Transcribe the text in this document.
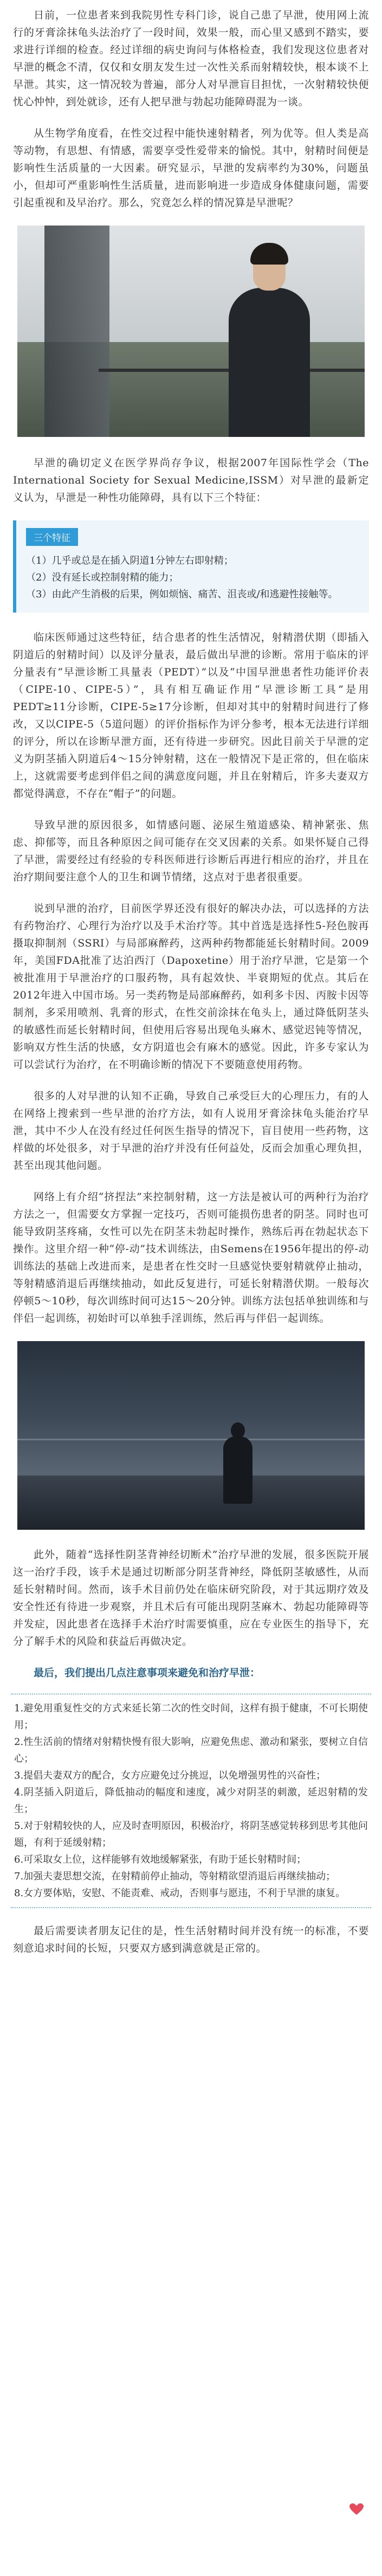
日前，一位患者来到我院男性专科门诊，说自己患了早泄，使用网上流行的牙膏涂抹龟头法治疗了一段时间，效果一般，而心里又感到不踏实，要求进行详细的检查。经过详细的病史询问与体格检查，我们发现这位患者对早泄的概念不清，仅仅和女朋友发生过一次性关系而射精较快，根本谈不上早泄。其实，这一情况较为普遍，部分人对早泄盲目担忧，一次射精较快便忧心忡忡，到处就诊，还有人把早泄与勃起功能障碍混为一谈。

从生物学角度看，在性交过程中能快速射精者，列为优等。但人类是高等动物，有思想、有情感，需要享受性爱带来的愉悦。其中，射精时间便是影响性生活质量的一大因素。研究显示，早泄的发病率约为30%，问题虽小，但却可严重影响性生活质量，进而影响进一步造成身体健康问题，需要引起重视和及早治疗。那么，究竟怎么样的情况算是早泄呢？

早泄的确切定义在医学界尚存争议，根据2007年国际性学会（The International Society for Sexual Medicine,ISSM）对早泄的最新定义认为，早泄是一种性功能障碍，具有以下三个特征：

三个特征
（1）几乎或总是在插入阴道1分钟左右即射精；
（2）没有延长或控制射精的能力；
（3）由此产生消极的后果，例如烦恼、痛苦、沮丧或/和逃避性接触等。

临床医师通过这些特征，结合患者的性生活情况，射精潜伏期（即插入阴道后的射精时间）以及评分量表，最后做出早泄的诊断。常用于临床的评分量表有“早泄诊断工具量表（PEDT）”以及“中国早泄患者性功能评价表（CIPE-10、CIPE-5）”，具有相互确证作用“早泄诊断工具”是用PEDT≥11分诊断，CIPE-5≥17分诊断，但却对其中的射精时间进行了修改，又以CIPE-5（5道问题）的评价指标作为评分参考，根本无法进行详细的评分，所以在诊断早泄方面，还有待进一步研究。因此目前关于早泄的定义为阴茎插入阴道后4～15分钟射精，这在一般情况下是正常的，但在临床上，这就需要考虑到伴侣之间的满意度问题，并且在射精后，许多夫妻双方都觉得满意，不存在“帽子”的问题。

导致早泄的原因很多，如情感问题、泌尿生殖道感染、精神紧张、焦虑、抑郁等，而且各种原因之间可能存在交叉因素的关系。如果怀疑自己得了早泄，需要经过有经验的专科医师进行诊断后再进行相应的治疗，并且在治疗期间要注意个人的卫生和调节情绪，这点对于患者很重要。

说到早泄的治疗，目前医学界还没有很好的解决办法，可以选择的方法有药物治疗、心理行为治疗以及手术治疗等。其中首选是选择性5-羟色胺再摄取抑制剂（SSRI）与局部麻醉药，这两种药物都能延长射精时间。2009年，美国FDA批准了达泊西汀（Dapoxetine）用于治疗早泄，它是第一个被批准用于早泄治疗的口服药物，具有起效快、半衰期短的优点。其后在2012年进入中国市场。另一类药物是局部麻醉药，如利多卡因、丙胺卡因等制剂，多采用喷剂、乳膏的形式，在性交前涂抹在龟头上，通过降低阴茎头的敏感性而延长射精时间，但使用后容易出现龟头麻木、感觉迟钝等情况，影响双方性生活的快感，女方阴道也会有麻木的感觉。因此，许多专家认为可以尝试行为治疗，在不明确诊断的情况下不要随意使用药物。

很多的人对早泄的认知不正确，导致自己承受巨大的心理压力，有的人在网络上搜索到一些早泄的治疗方法，如有人说用牙膏涂抹龟头能治疗早泄，其中不少人在没有经过任何医生指导的情况下，盲目使用一些药物，这样做的坏处很多，对于早泄的治疗并没有任何益处，反而会加重心理负担，甚至出现其他问题。

网络上有介绍“挤捏法”来控制射精，这一方法是被认可的两种行为治疗方法之一，但需要女方掌握一定技巧，否则可能损伤患者的阴茎。同时也可能导致阴茎疼痛，女性可以先在阴茎未勃起时操作，熟练后再在勃起状态下操作。这里介绍一种“停-动”技术训练法，由Semens在1956年提出的停-动训练法的基础上改进而来，是患者在性交时一旦感觉快要射精就停止抽动，等射精感消退后再继续抽动，如此反复进行，可延长射精潜伏期。一般每次停顿5～10秒，每次训练时间可达15～20分钟。训练方法包括单独训练和与伴侣一起训练，初始时可以单独手淫训练，然后再与伴侣一起训练。

此外，随着“选择性阴茎背神经切断术”治疗早泄的发展，很多医院开展这一治疗手段，该手术是通过切断部分阴茎背神经，降低阴茎敏感性，从而延长射精时间。然而，该手术目前仍处在临床研究阶段，对于其远期疗效及安全性还有待进一步观察，并且术后有可能出现阴茎麻木、勃起功能障碍等并发症，因此患者在选择手术治疗时需要慎重，应在专业医生的指导下，充分了解手术的风险和获益后再做决定。

最后，我们提出几点注意事项来避免和治疗早泄：

1.避免用重复性交的方式来延长第二次的性交时间，这样有损于健康，不可长期使用；

2.性生活前的情绪对射精快慢有很大影响，应避免焦虑、激动和紧张，要树立自信心；

3.提倡夫妻双方的配合，女方应避免过分挑逗，以免增强男性的兴奋性；

4.阴茎插入阴道后，降低抽动的幅度和速度，减少对阴茎的刺激，延迟射精的发生；

5.对于射精较快的人，应及时查明原因，积极治疗，将阴茎感觉转移到思考其他问题，有利于延缓射精；

6.可采取女上位，这样能够有效地缓解紧张，有助于延长射精时间；

7.加强夫妻思想交流，在射精前停止抽动，等射精欲望消退后再继续抽动；

8.女方要体贴，安慰、不能责难、戒动，否则事与愿违，不利于早泄的康复。

最后需要读者朋友记住的是，性生活射精时间并没有统一的标准，不要刻意追求时间的长短，只要双方感到满意就是正常的。
